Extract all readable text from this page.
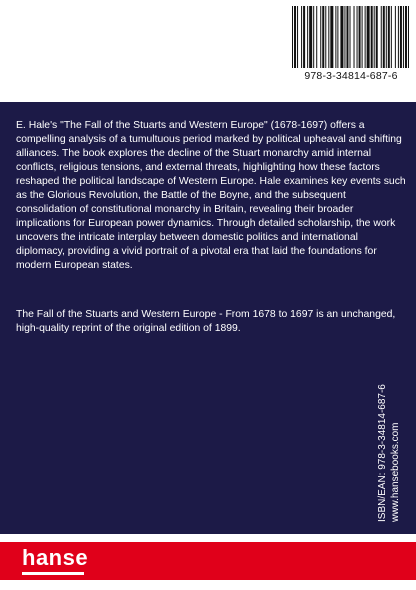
978-3-34814-687-6

E. Hale's "The Fall of the Stuarts and Western Europe" (1678-1697) offers a compelling analysis of a tumultuous period marked by political upheaval and shifting alliances. The book explores the decline of the Stuart monarchy amid internal conflicts, religious tensions, and external threats, highlighting how these factors reshaped the political landscape of Western Europe. Hale examines key events such as the Glorious Revolution, the Battle of the Boyne, and the subsequent consolidation of constitutional monarchy in Britain, revealing their broader implications for European power dynamics. Through detailed scholarship, the work uncovers the intricate interplay between domestic politics and international diplomacy, providing a vivid portrait of a pivotal era that laid the foundations for modern European states.

The Fall of the Stuarts and Western Europe - From 1678 to 1697 is an unchanged, high-quality reprint of the original edition of 1899.

ISBN/EAN: 978-3-34814-687-6 www.hansebooks.com
hanse
